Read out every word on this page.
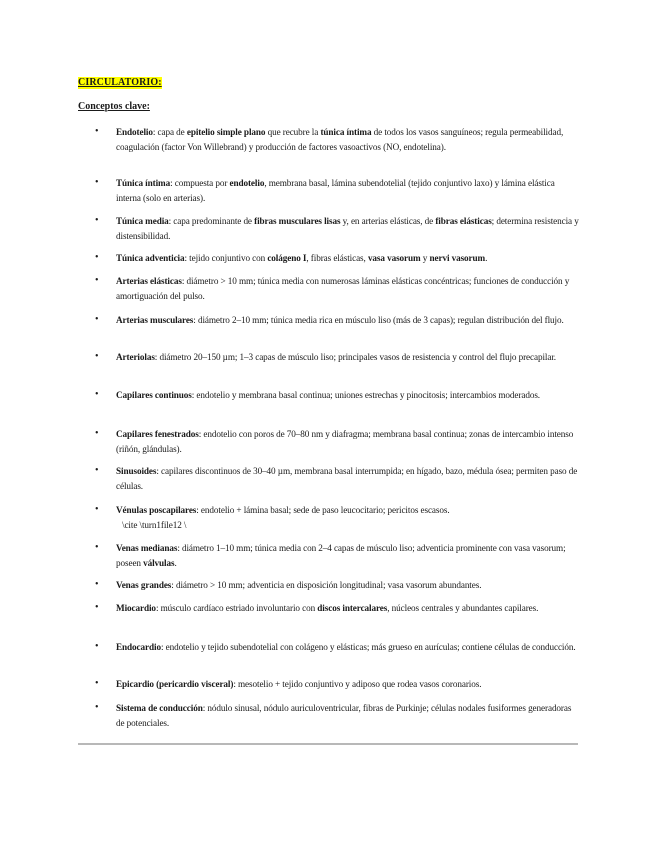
CIRCULATORIO:
Conceptos clave:
• Endotelio: capa de epitelio simple plano que recubre la túnica íntima de todos los vasos sanguíneos; regula permeabilidad, coagulación (factor Von Willebrand) y producción de factores vasoactivos (NO, endotelina).
• Túnica íntima: compuesta por endotelio, membrana basal, lámina subendotelial (tejido conjuntivo laxo) y lámina elástica interna (solo en arterias).
• Túnica media: capa predominante de fibras musculares lisas y, en arterias elásticas, de fibras elásticas; determina resistencia y distensibilidad.
• Túnica adventicia: tejido conjuntivo con colágeno I, fibras elásticas, vasa vasorum y nervi vasorum.
• Arterias elásticas: diámetro > 10 mm; túnica media con numerosas láminas elásticas concéntricas; funciones de conducción y amortiguación del pulso.
• Arterias musculares: diámetro 2–10 mm; túnica media rica en músculo liso (más de 3 capas); regulan distribución del flujo.
• Arteriolas: diámetro 20–150 µm; 1–3 capas de músculo liso; principales vasos de resistencia y control del flujo precapilar.
• Capilares continuos: endotelio y membrana basal continua; uniones estrechas y pinocitosis; intercambios moderados.
• Capilares fenestrados: endotelio con poros de 70–80 nm y diafragma; membrana basal continua; zonas de intercambio intenso (riñón, glándulas).
• Sinusoides: capilares discontinuos de 30–40 µm, membrana basal interrumpida; en hígado, bazo, médula ósea; permiten paso de células.
• Vénulas poscapilares: endotelio + lámina basal; sede de paso leucocitario; pericitos escasos.
\cite \turn1file12 \
• Venas medianas: diámetro 1–10 mm; túnica media con 2–4 capas de músculo liso; adventicia prominente con vasa vasorum; poseen válvulas.
• Venas grandes: diámetro > 10 mm; adventicia en disposición longitudinal; vasa vasorum abundantes.
• Miocardio: músculo cardíaco estriado involuntario con discos intercalares, núcleos centrales y abundantes capilares.
• Endocardio: endotelio y tejido subendotelial con colágeno y elásticas; más grueso en aurículas; contiene células de conducción.
• Epicardio (pericardio visceral): mesotelio + tejido conjuntivo y adiposo que rodea vasos coronarios.
• Sistema de conducción: nódulo sinusal, nódulo auriculoventricular, fibras de Purkinje; células nodales fusiformes generadoras de potenciales.
